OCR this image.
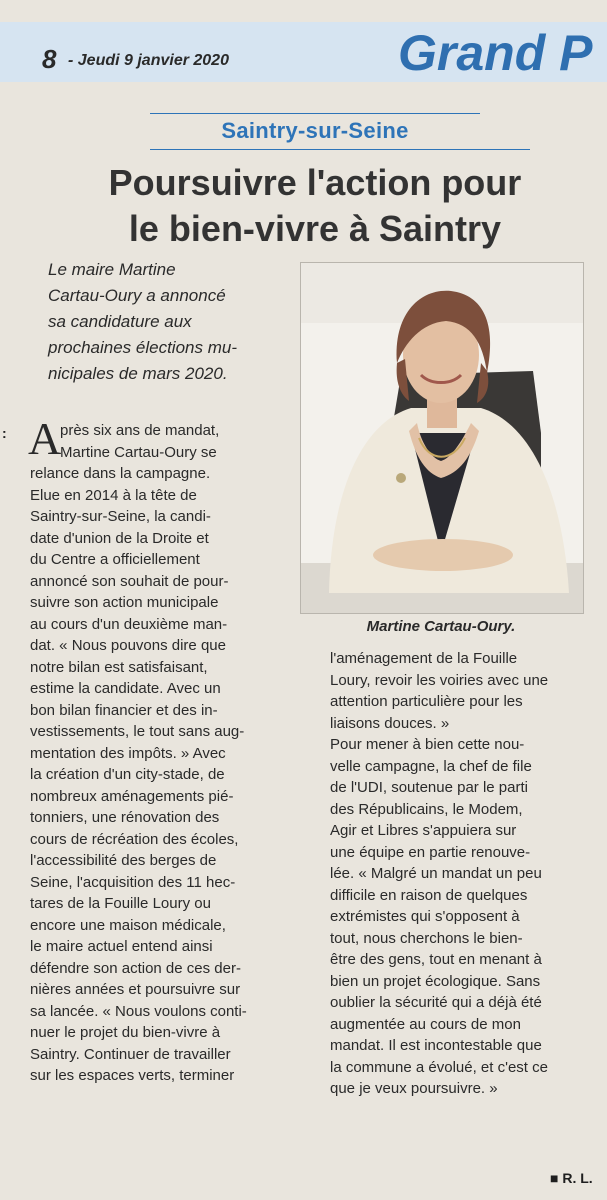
8 - Jeudi 9 janvier 2020	Grand P
Saintry-sur-Seine
Poursuivre l'action pour
le bien-vivre à Saintry
Le maire Martine
Cartau-Oury a annoncé
sa candidature aux
prochaines élections mu-
nicipales de mars 2020.
Martine Cartau-Oury.
: A
près six ans de mandat,
Martine Cartau-Oury se
relance dans la campagne.
Elue en 2014 à la tête de
Saintry-sur-Seine, la candi-
date d'union de la Droite et
du Centre a officiellement
annoncé son souhait de pour-
suivre son action municipale
au cours d'un deuxième man-
dat. « Nous pouvons dire que
notre bilan est satisfaisant,
estime la candidate. Avec un
bon bilan financier et des in-
vestissements, le tout sans aug-
mentation des impôts. » Avec
la création d'un city-stade, de
nombreux aménagements pié-
tonniers, une rénovation des
cours de récréation des écoles,
l'accessibilité des berges de
Seine, l'acquisition des 11 hec-
tares de la Fouille Loury ou
encore une maison médicale,
le maire actuel entend ainsi
défendre son action de ces der-
nières années et poursuivre sur
sa lancée. « Nous voulons conti-
nuer le projet du bien-vivre à
Saintry. Continuer de travailler
sur les espaces verts, terminer
l'aménagement de la Fouille
Loury, revoir les voiries avec une
attention particulière pour les
liaisons douces. »
Pour mener à bien cette nou-
velle campagne, la chef de file
de l'UDI, soutenue par le parti
des Républicains, le Modem,
Agir et Libres s'appuiera sur
une équipe en partie renouve-
lée. « Malgré un mandat un peu
difficile en raison de quelques
extrémistes qui s'opposent à
tout, nous cherchons le bien-
être des gens, tout en menant à
bien un projet écologique. Sans
oublier la sécurité qui a déjà été
augmentée au cours de mon
mandat. Il est incontestable que
la commune a évolué, et c'est ce
que je veux poursuivre. »
■ R. L.
